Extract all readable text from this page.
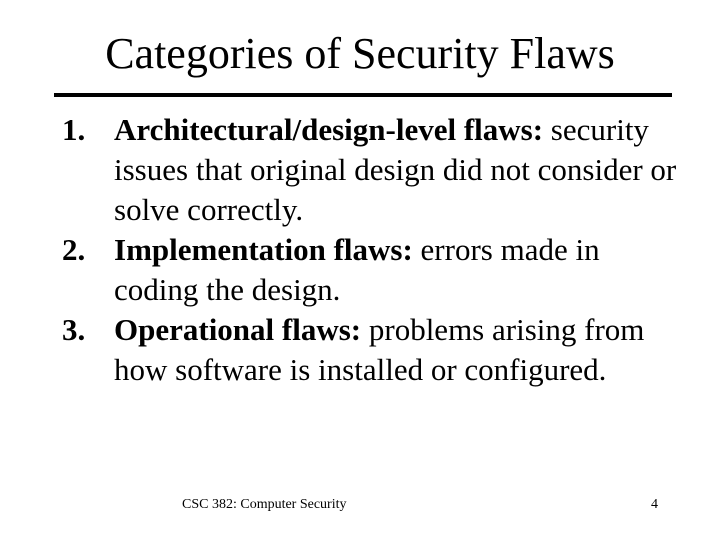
Categories of Security Flaws
1. Architectural/design-level flaws: security issues that original design did not consider or solve correctly.
2. Implementation flaws: errors made in coding the design.
3. Operational flaws: problems arising from how software is installed or configured.
CSC 382: Computer Security	4
